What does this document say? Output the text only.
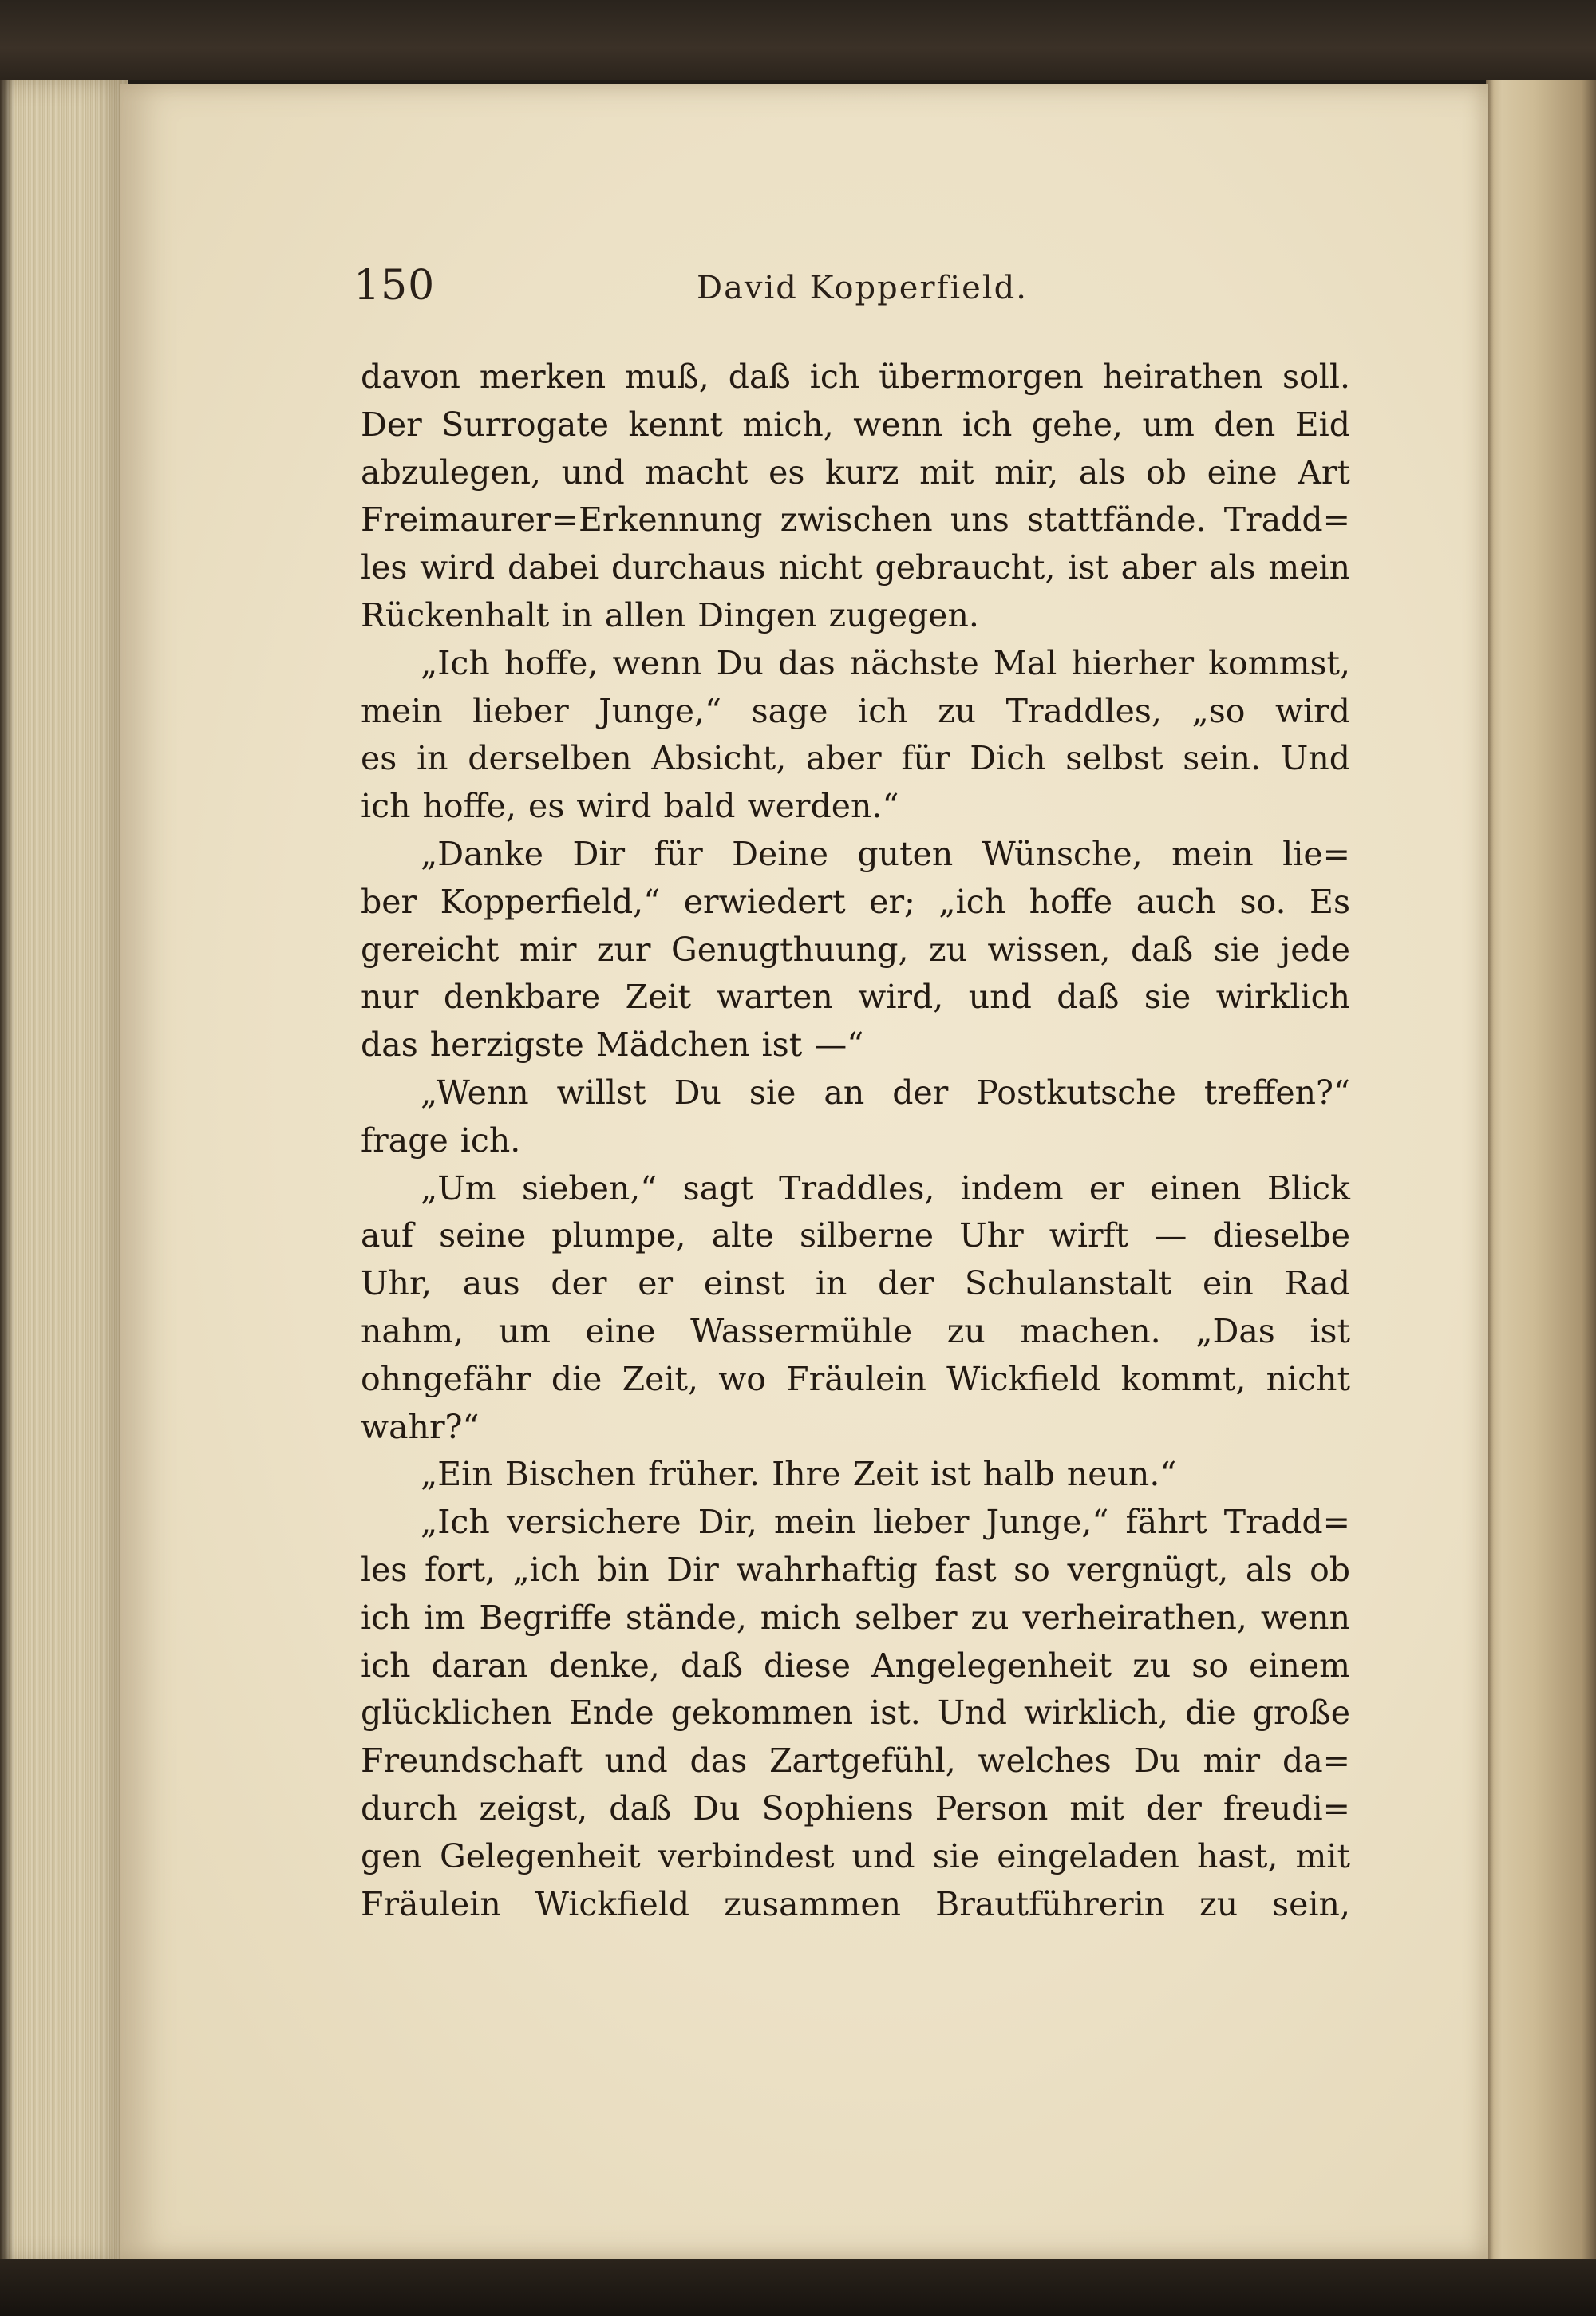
150	David Kopperfield.
davon merken muß, daß ich übermorgen heirathen soll.
Der Surrogate kennt mich, wenn ich gehe, um den Eid
abzulegen, und macht es kurz mit mir, als ob eine Art
Freimaurer=Erkennung zwischen uns stattfände. Tradd=
les wird dabei durchaus nicht gebraucht, ist aber als mein
Rückenhalt in allen Dingen zugegen.
„Ich hoffe, wenn Du das nächste Mal hierher kommst,
mein lieber Junge,“ sage ich zu Traddles, „so wird
es in derselben Absicht, aber für Dich selbst sein. Und
ich hoffe, es wird bald werden.“
„Danke Dir für Deine guten Wünsche, mein lie=
ber Kopperfield,“ erwiedert er; „ich hoffe auch so. Es
gereicht mir zur Genugthuung, zu wissen, daß sie jede
nur denkbare Zeit warten wird, und daß sie wirklich
das herzigste Mädchen ist —“
„Wenn willst Du sie an der Postkutsche treffen?“
frage ich.
„Um sieben,“ sagt Traddles, indem er einen Blick
auf seine plumpe, alte silberne Uhr wirft — dieselbe
Uhr, aus der er einst in der Schulanstalt ein Rad
nahm, um eine Wassermühle zu machen. „Das ist
ohngefähr die Zeit, wo Fräulein Wickfield kommt, nicht
wahr?“
„Ein Bischen früher. Ihre Zeit ist halb neun.“
„Ich versichere Dir, mein lieber Junge,“ fährt Tradd=
les fort, „ich bin Dir wahrhaftig fast so vergnügt, als ob
ich im Begriffe stände, mich selber zu verheirathen, wenn
ich daran denke, daß diese Angelegenheit zu so einem
glücklichen Ende gekommen ist. Und wirklich, die große
Freundschaft und das Zartgefühl, welches Du mir da=
durch zeigst, daß Du Sophiens Person mit der freudi=
gen Gelegenheit verbindest und sie eingeladen hast, mit
Fräulein Wickfield zusammen Brautführerin zu sein,
